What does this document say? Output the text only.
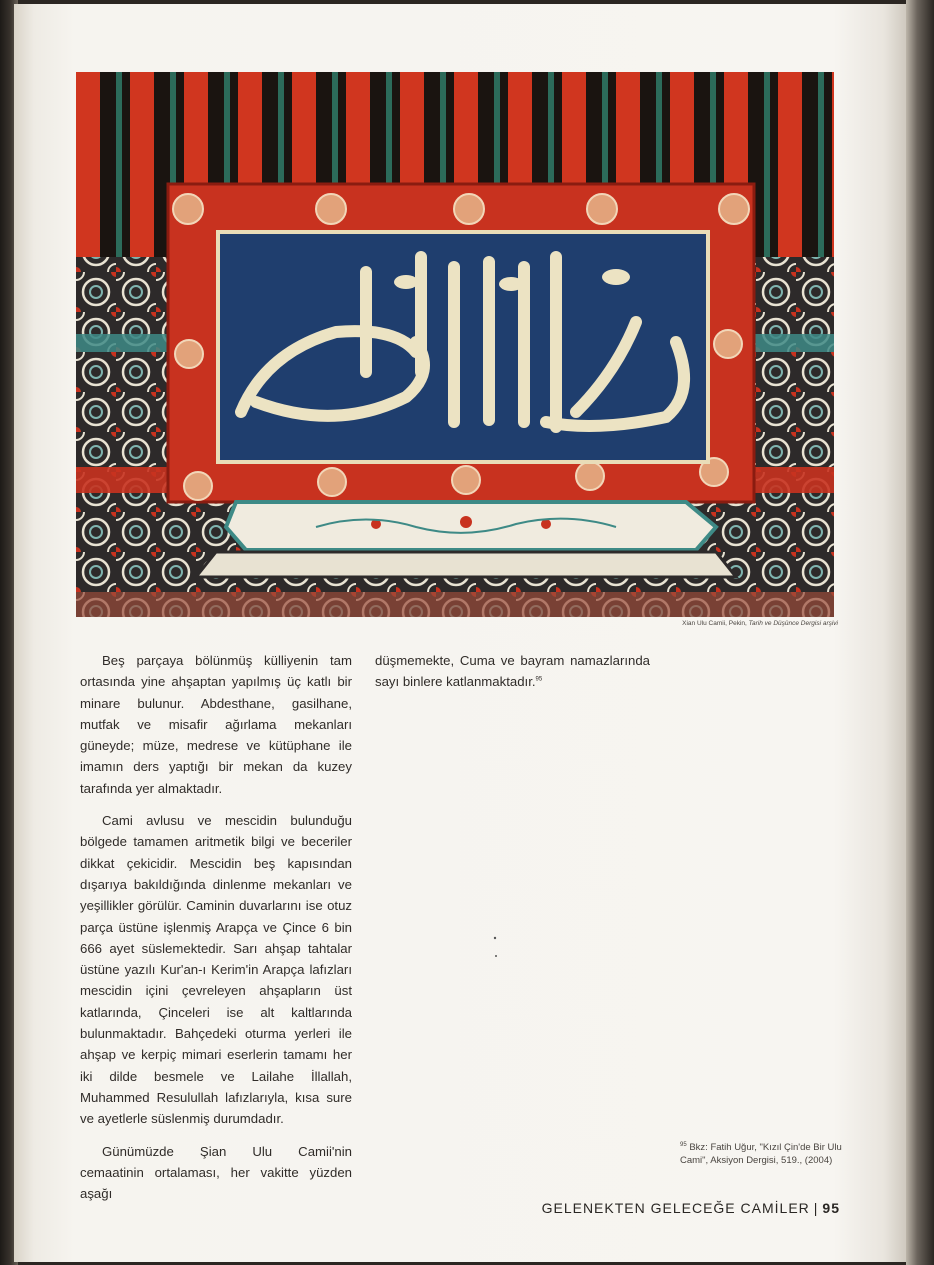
Xian Ulu Camii, Pekin, Tarih ve Düşünce Dergisi arşivi

Beş parçaya bölünmüş külliyenin tam ortasında yine ahşaptan yapılmış üç katlı bir minare bulunur. Abdesthane, gasilhane, mutfak ve misafir ağırlama mekanları güneyde; müze, medrese ve kütüphane ile imamın ders yaptığı bir mekan da kuzey tarafında yer almaktadır.

Cami avlusu ve mescidin bulunduğu bölgede tamamen aritmetik bilgi ve beceriler dikkat çekicidir. Mescidin beş kapısından dışarıya bakıldığında dinlenme mekanları ve yeşillikler görülür. Caminin duvarlarını ise otuz parça üstüne işlenmiş Arapça ve Çince 6 bin 666 ayet süslemektedir. Sarı ahşap tahtalar üstüne yazılı Kur'an-ı Kerim'in Arapça lafızları mescidin içini çevreleyen ahşapların üst katlarında, Çinceleri ise alt kaltlarında bulunmaktadır. Bahçedeki oturma yerleri ile ahşap ve kerpiç mimari eserlerin tamamı her iki dilde besmele ve Lailahe İllallah, Muhammed Resulullah lafızlarıyla, kısa sure ve ayetlerle süslenmiş durumdadır.

Günümüzde Şian Ulu Camii'nin cemaatinin ortalaması, her vakitte yüzden aşağı

düşmemekte, Cuma ve bayram namazlarında sayı binlere katlanmaktadır.$^{95}$

$^{95}$ Bkz: Fatih Uğur, "Kızıl Çin'de Bir Ulu Cami", Aksiyon Dergisi, 519., (2004)
GELENEKTEN GELECEĞE CAMİLER | 95
